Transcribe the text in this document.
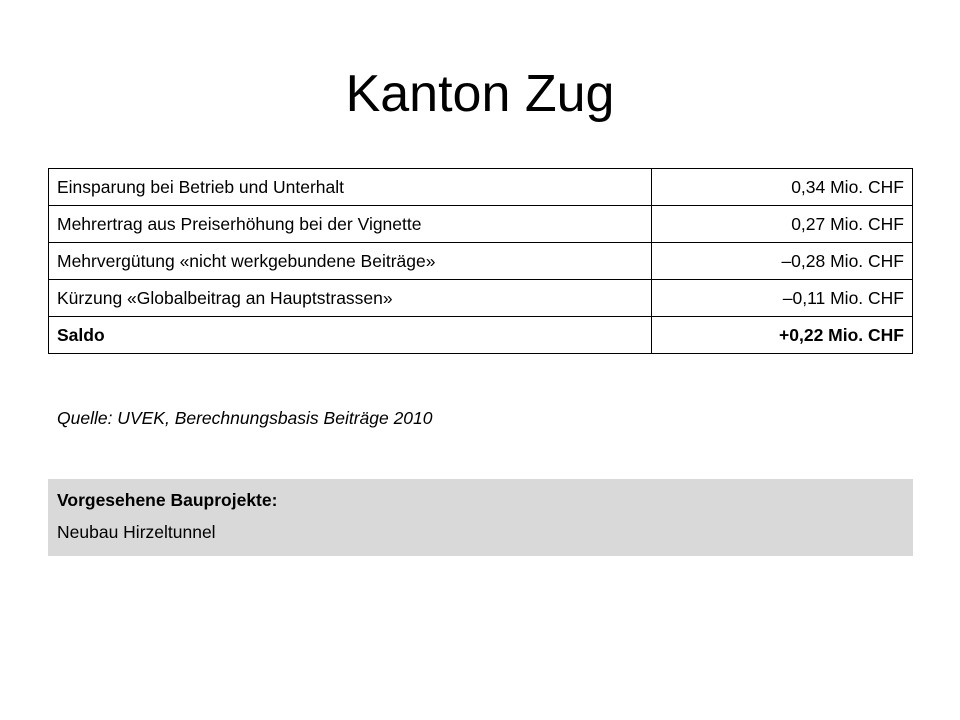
Kanton Zug
Einsparung bei Betrieb und Unterhalt	0,34 Mio. CHF
Mehrertrag aus Preiserhöhung bei der Vignette	0,27 Mio. CHF
Mehrvergütung «nicht werkgebundene Beiträge»	–0,28 Mio. CHF
Kürzung «Globalbeitrag an Hauptstrassen»	–0,11 Mio. CHF
Saldo	+0,22 Mio. CHF

Quelle: UVEK, Berechnungsbasis Beiträge 2010

Vorgesehene Bauprojekte:

Neubau Hirzeltunnel
